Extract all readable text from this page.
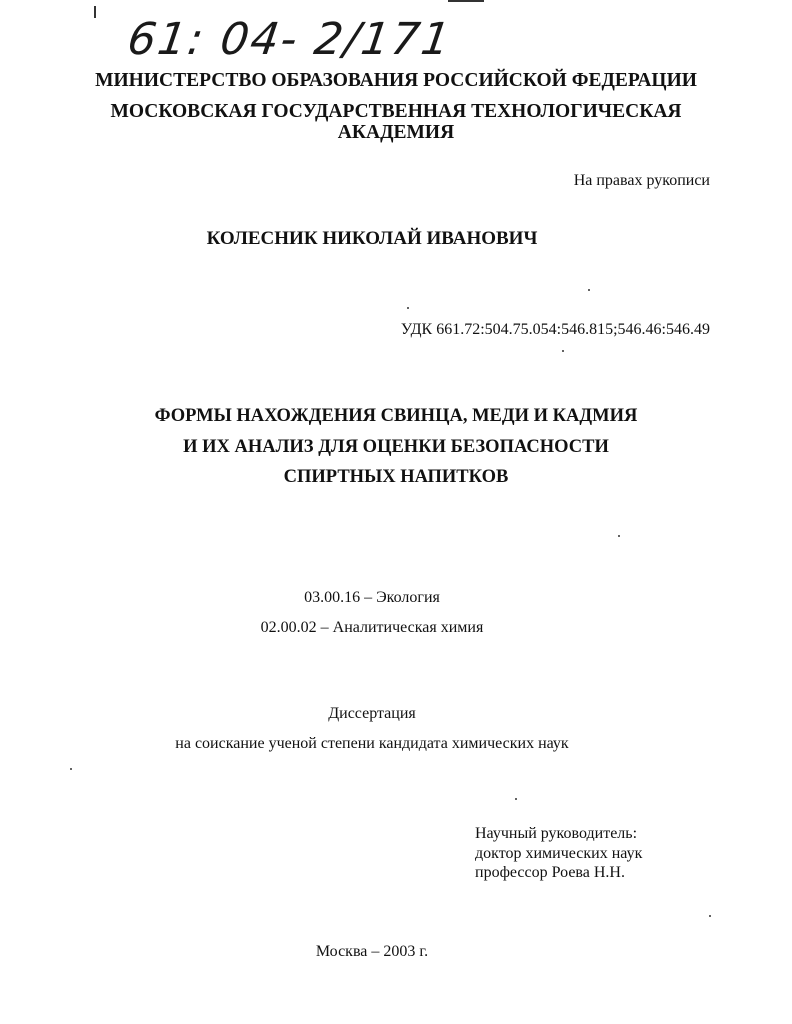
61: 04- 2/171
МИНИСТЕРСТВО ОБРАЗОВАНИЯ РОССИЙСКОЙ ФЕДЕРАЦИИ
МОСКОВСКАЯ ГОСУДАРСТВЕННАЯ ТЕХНОЛОГИЧЕСКАЯ
АКАДЕМИЯ
На правах рукописи
КОЛЕСНИК НИКОЛАЙ ИВАНОВИЧ
УДК 661.72:504.75.054:546.815;546.46:546.49
ФОРМЫ НАХОЖДЕНИЯ СВИНЦА, МЕДИ И КАДМИЯ
И ИХ АНАЛИЗ ДЛЯ ОЦЕНКИ БЕЗОПАСНОСТИ
СПИРТНЫХ НАПИТКОВ
03.00.16 – Экология
02.00.02 – Аналитическая химия
Диссертация
на соискание ученой степени кандидата химических наук
Научный руководитель:
доктор химических наук
профессор Роева Н.Н.
Москва – 2003 г.
